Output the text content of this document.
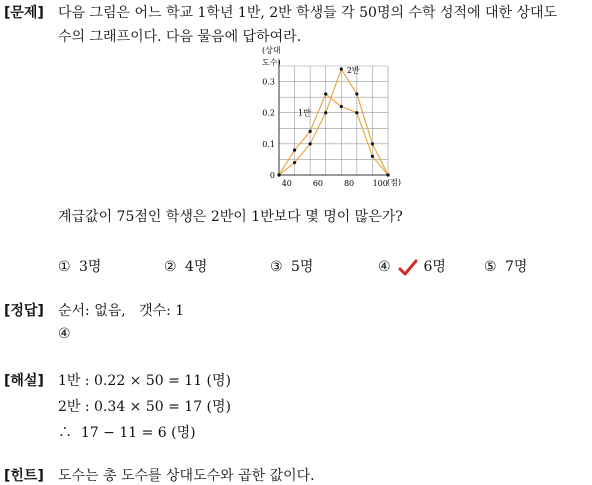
[문제] 다음 그림은 어느 학교 1학년 1반, 2반 학생들 각 50명의 수학 성적에 대한 상대도
수의 그래프이다. 다음 물음에 답하여라.
0.3
0.2
0.1
0
40	60	80 100
2반
1반
(상대
도수)
(점)
계급값이 75점인 학생은 2반이 1반보다 몇 명이 많은가?
① 3명	② 4명	③ 5명	④ 6명	⑤ 7명
[정답] 순서: 없음,   갯수: 1
④
[해설] 1반 : 0.22 × 50 = 11 (명)
2반 : 0.34 × 50 = 17 (명)
∴  17 − 11 = 6 (명)
[힌트] 도수는 총 도수를 상대도수와 곱한 값이다.
